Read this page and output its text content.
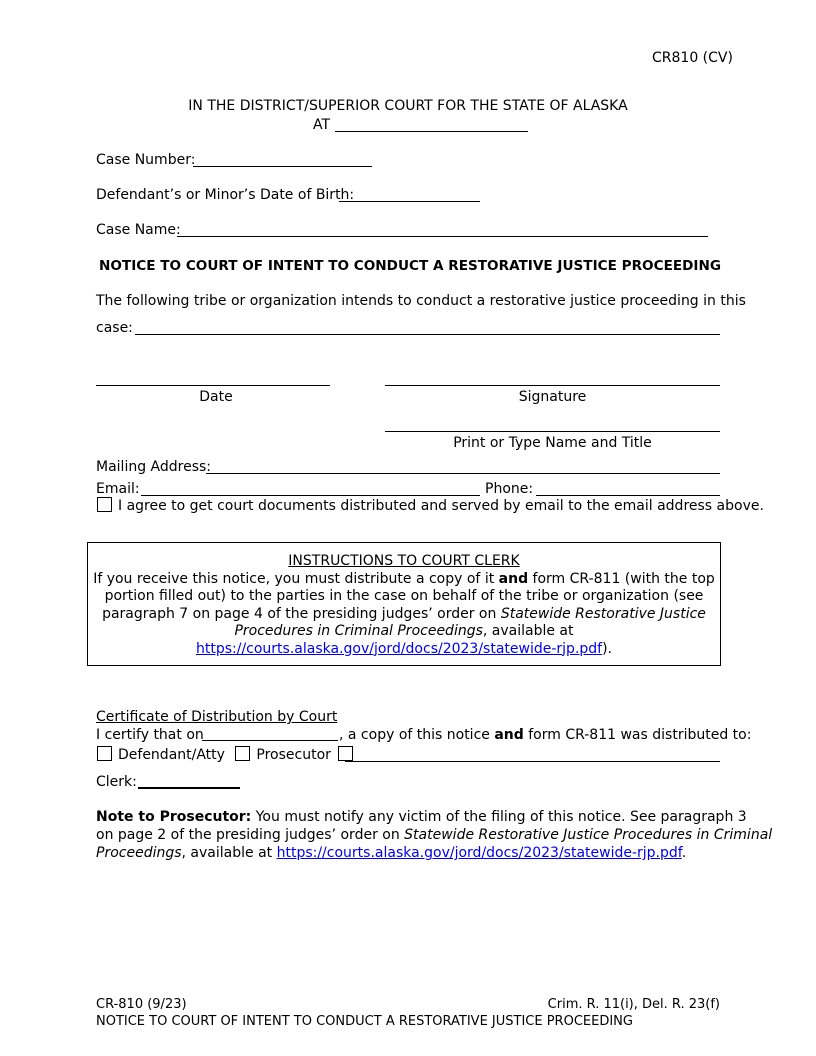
CR810 (CV)
IN THE DISTRICT/SUPERIOR COURT FOR THE STATE OF ALASKA
AT
Case Number:
Defendant’s or Minor’s Date of Birth:
Case Name:
NOTICE TO COURT OF INTENT TO CONDUCT A RESTORATIVE JUSTICE PROCEEDING
The following tribe or organization intends to conduct a restorative justice proceeding in this
case:
Date	Signature
Print or Type Name and Title
Mailing Address:
Email:	Phone:
I agree to get court documents distributed and served by email to the email address above.
INSTRUCTIONS TO COURT CLERK
If you receive this notice, you must distribute a copy of it and form CR-811 (with the top
portion filled out) to the parties in the case on behalf of the tribe or organization (see
paragraph 7 on page 4 of the presiding judges’ order on Statewide Restorative Justice
Procedures in Criminal Proceedings, available at
https://courts.alaska.gov/jord/docs/2023/statewide-rjp.pdf).
Certificate of Distribution by Court
I certify that on	, a copy of this notice and form CR-811 was distributed to:
Defendant/Atty Prosecutor
Clerk:
Note to Prosecutor: You must notify any victim of the filing of this notice. See paragraph 3
on page 2 of the presiding judges’ order on Statewide Restorative Justice Procedures in Criminal
Proceedings, available at https://courts.alaska.gov/jord/docs/2023/statewide-rjp.pdf.
CR-810 (9/23)	Crim. R. 11(i), Del. R. 23(f)
NOTICE TO COURT OF INTENT TO CONDUCT A RESTORATIVE JUSTICE PROCEEDING
